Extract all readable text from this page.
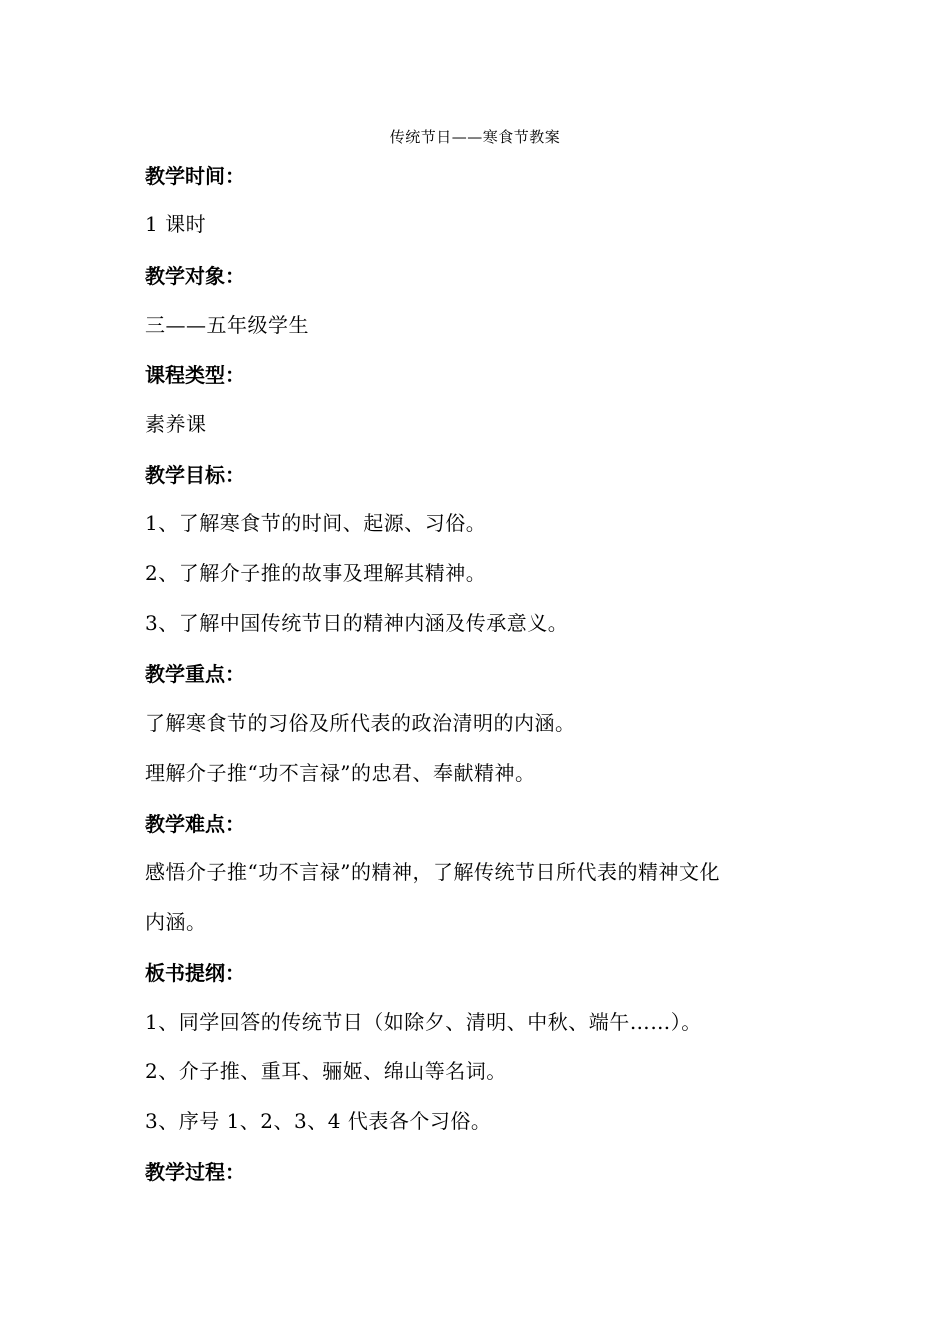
传统节日——寒食节教案
教学时间：
1 课时
教学对象：
三——五年级学生
课程类型：
素养课
教学目标：
1、了解寒食节的时间、起源、习俗。
2、了解介子推的故事及理解其精神。
3、了解中国传统节日的精神内涵及传承意义。
教学重点：
了解寒食节的习俗及所代表的政治清明的内涵。
理解介子推“功不言禄”的忠君、奉献精神。
教学难点：
感悟介子推“功不言禄”的精神，了解传统节日所代表的精神文化
内涵。
板书提纲：
1、同学回答的传统节日（如除夕、清明、中秋、端午……）。
2、介子推、重耳、骊姬、绵山等名词。
3、序号 1、2、3、4 代表各个习俗。
教学过程：
